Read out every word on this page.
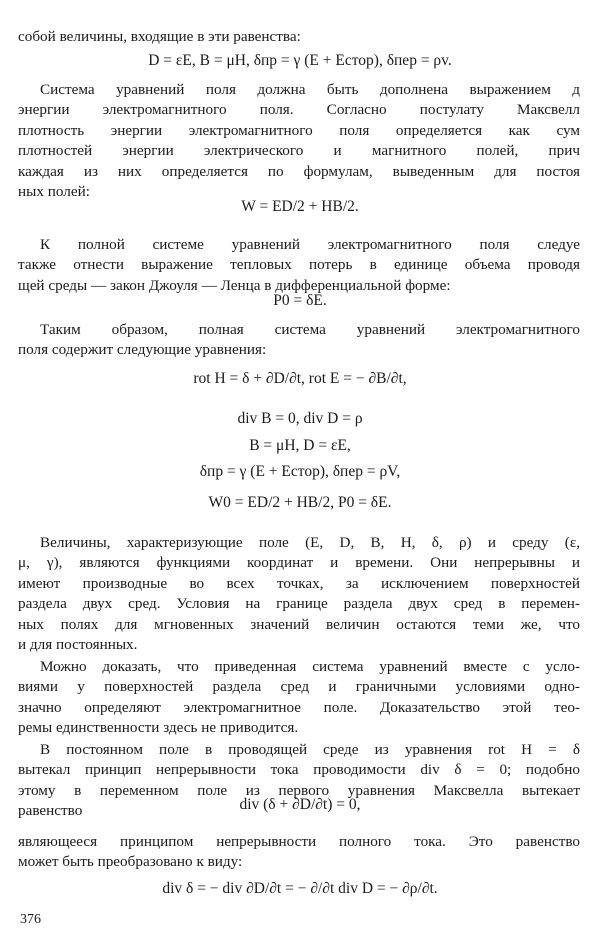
собой величины, входящие в эти равенства:

D = εE, B = μH, δпр = γ (E + Eстор), δпер = ρv.

Система уравнений поля должна быть дополнена выражением д
энергии электромагнитного поля. Согласно постулату Максвелл
плотность энергии электромагнитного поля определяется как сум
плотностей энергии электрического и магнитного полей, прич
каждая из них определяется по формулам, выведенным для постоя
ных полей:

W = ED/2 + HB/2.

К полной системе уравнений электромагнитного поля следуе
также отнести выражение тепловых потерь в единице объема проводя
щей среды — закон Джоуля — Ленца в дифференциальной форме:

P0 = δE.

Таким образом, полная система уравнений электромагнитного
поля содержит следующие уравнения:

rot H = δ + ∂D/∂t, rot E = − ∂B/∂t,
div B = 0, div D = ρ
B = μH, D = εE,
δпр = γ (E + Eстор), δпер = ρV,
W0 = ED/2 + HB/2, P0 = δE.

Величины, характеризующие поле (E, D, B, H, δ, ρ) и среду (ε,
μ, γ), являются функциями координат и времени. Они непрерывны и
имеют производные во всех точках, за исключением поверхностей
раздела двух сред. Условия на границе раздела двух сред в перемен-
ных полях для мгновенных значений величин остаются теми же, что
и для постоянных.

Можно доказать, что приведенная система уравнений вместе с усло-
виями у поверхностей раздела сред и граничными условиями одно-
значно определяют электромагнитное поле. Доказательство этой тео-
ремы единственности здесь не приводится.

В постоянном поле в проводящей среде из уравнения rot H = δ
вытекал принцип непрерывности тока проводимости div δ = 0; подобно
этому в переменном поле из первого уравнения Максвелла вытекает
равенство	div (δ + ∂D/∂t) = 0,

являющееся принципом непрерывности полного тока. Это равенство
может быть преобразовано к виду:

div δ = − div ∂D/∂t = − ∂/∂t div D = − ∂ρ/∂t.
376
